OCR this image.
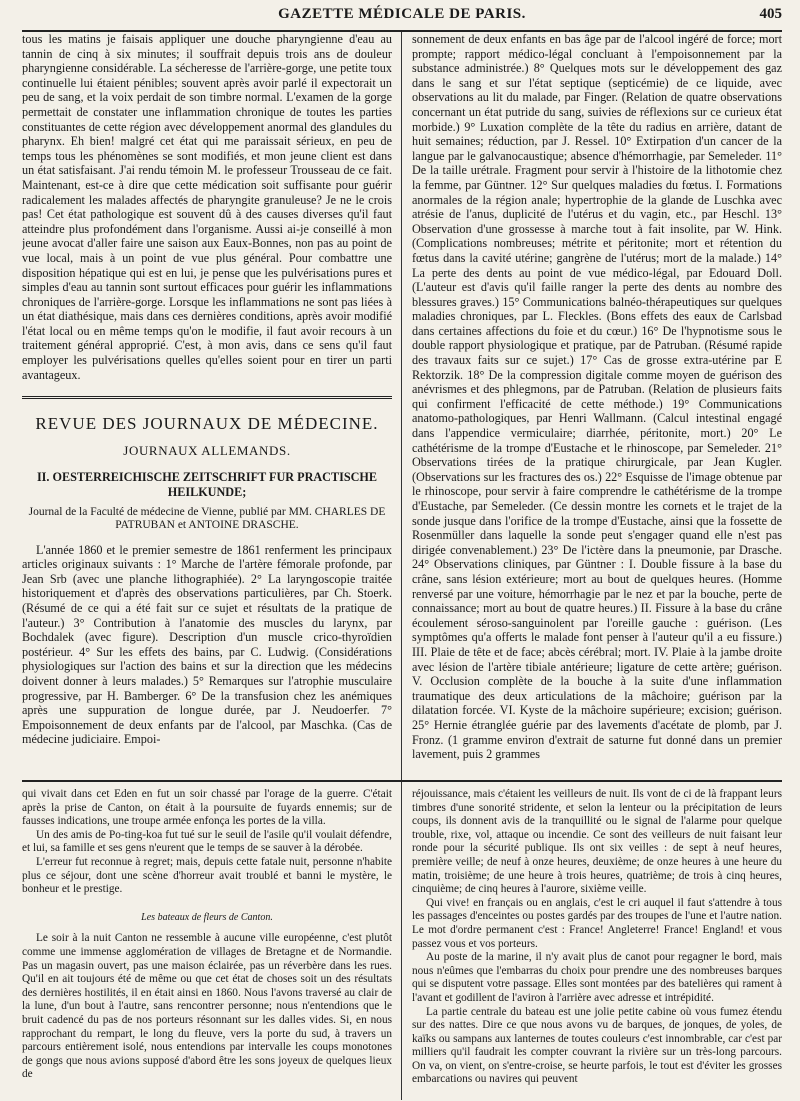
GAZETTE MÉDICALE DE PARIS.	405

tous les matins je faisais appliquer une douche pharyngienne d'eau au tannin de cinq à six minutes; il souffrait depuis trois ans de douleur pharyngienne considérable. La sécheresse de l'arrière-gorge, une petite toux continuelle lui étaient pénibles; souvent après avoir parlé il expectorait un peu de sang, et la voix perdait de son timbre normal. L'examen de la gorge permettait de constater une inflammation chronique de toutes les parties constituantes de cette région avec développement anormal des glandules du pharynx. Eh bien! malgré cet état qui me paraissait sérieux, en peu de temps tous les phénomènes se sont modifiés, et mon jeune client est dans un état satisfaisant. J'ai rendu témoin M. le professeur Trousseau de ce fait. Maintenant, est-ce à dire que cette médication soit suffisante pour guérir radicalement les malades affectés de pharyngite granuleuse? Je ne le crois pas! Cet état pathologique est souvent dû à des causes diverses qu'il faut atteindre plus profondément dans l'organisme. Aussi ai-je conseillé à mon jeune avocat d'aller faire une saison aux Eaux-Bonnes, non pas au point de vue local, mais à un point de vue plus général. Pour combattre une disposition hépatique qui est en lui, je pense que les pulvérisations pures et simples d'eau au tannin sont surtout efficaces pour guérir les inflammations chroniques de l'arrière-gorge. Lorsque les inflammations ne sont pas liées à un état diathésique, mais dans ces dernières conditions, après avoir modifié l'état local ou en même temps qu'on le modifie, il faut avoir recours à un traitement général approprié. C'est, à mon avis, dans ce sens qu'il faut employer les pulvérisations quelles qu'elles soient pour en tirer un parti avantageux.

REVUE DES JOURNAUX DE MÉDECINE.
JOURNAUX ALLEMANDS.
II. OESTERREICHISCHE ZEITSCHRIFT FUR PRACTISCHE HEILKUNDE;
Journal de la Faculté de médecine de Vienne, publié par MM. CHARLES DE PATRUBAN et ANTOINE DRASCHE.

L'année 1860 et le premier semestre de 1861 renferment les principaux articles originaux suivants : 1° Marche de l'artère fémorale profonde, par Jean Srb (avec une planche lithographiée). 2° La laryngoscopie traitée historiquement et d'après des observations particulières, par Ch. Stoerk. (Résumé de ce qui a été fait sur ce sujet et résultats de la pratique de l'auteur.) 3° Contribution à l'anatomie des muscles du larynx, par Bochdalek (avec figure). Description d'un muscle crico-thyroïdien postérieur. 4° Sur les effets des bains, par C. Ludwig. (Considérations physiologiques sur l'action des bains et sur la direction que les médecins doivent donner à leurs malades.) 5° Remarques sur l'atrophie musculaire progressive, par H. Bamberger. 6° De la transfusion chez les anémiques après une suppuration de longue durée, par J. Neudoerfer. 7° Empoisonnement de deux enfants par de l'alcool, par Maschka. (Cas de médecine judiciaire. Empoi-

sonnement de deux enfants en bas âge par de l'alcool ingéré de force; mort prompte; rapport médico-légal concluant à l'empoisonnement par la substance administrée.) 8° Quelques mots sur le développement des gaz dans le sang et sur l'état septique (septicémie) de ce liquide, avec observations au lit du malade, par Finger. (Relation de quatre observations concernant un état putride du sang, suivies de réflexions sur ce curieux état morbide.) 9° Luxation complète de la tête du radius en arrière, datant de huit semaines; réduction, par J. Ressel. 10° Extirpation d'un cancer de la langue par le galvanocaustique; absence d'hémorrhagie, par Semeleder. 11° De la taille urétrale. Fragment pour servir à l'histoire de la lithotomie chez la femme, par Güntner. 12° Sur quelques maladies du fœtus. I. Formations anormales de la région anale; hypertrophie de la glande de Luschka avec atrésie de l'anus, duplicité de l'utérus et du vagin, etc., par Heschl. 13° Observation d'une grossesse à marche tout à fait insolite, par W. Hink. (Complications nombreuses; métrite et péritonite; mort et rétention du fœtus dans la cavité utérine; gangrène de l'utérus; mort de la malade.) 14° La perte des dents au point de vue médico-légal, par Edouard Doll. (L'auteur est d'avis qu'il faille ranger la perte des dents au nombre des blessures graves.) 15° Communications balnéo-thérapeutiques sur quelques maladies chroniques, par L. Fleckles. (Bons effets des eaux de Carlsbad dans certaines affections du foie et du cœur.) 16° De l'hypnotisme sous le double rapport physiologique et pratique, par de Patruban. (Résumé rapide des travaux faits sur ce sujet.) 17° Cas de grosse extra-utérine par E Rektorzik. 18° De la compression digitale comme moyen de guérison des anévrismes et des phlegmons, par de Patruban. (Relation de plusieurs faits qui confirment l'efficacité de cette méthode.) 19° Communications anatomo-pathologiques, par Henri Wallmann. (Calcul intestinal engagé dans l'appendice vermiculaire; diarrhée, péritonite, mort.) 20° Le cathétérisme de la trompe d'Eustache et le rhinoscope, par Semeleder. 21° Observations tirées de la pratique chirurgicale, par Jean Kugler. (Observations sur les fractures des os.) 22° Esquisse de l'image obtenue par le rhinoscope, pour servir à faire comprendre le cathétérisme de la trompe d'Eustache, par Semeleder. (Ce dessin montre les cornets et le trajet de la sonde jusque dans l'orifice de la trompe d'Eustache, ainsi que la fossette de Rosenmüller dans laquelle la sonde peut s'engager quand elle n'est pas dirigée convenablement.) 23° De l'ictère dans la pneumonie, par Drasche. 24° Observations cliniques, par Güntner : I. Double fissure à la base du crâne, sans lésion extérieure; mort au bout de quelques heures. (Homme renversé par une voiture, hémorrhagie par le nez et par la bouche, perte de connaissance; mort au bout de quatre heures.) II. Fissure à la base du crâne écoulement séroso-sanguinolent par l'oreille gauche : guérison. (Les symptômes qu'a offerts le malade font penser à l'auteur qu'il a eu fissure.) III. Plaie de tête et de face; abcès cérébral; mort. IV. Plaie à la jambe droite avec lésion de l'artère tibiale antérieure; ligature de cette artère; guérison. V. Occlusion complète de la bouche à la suite d'une inflammation traumatique des deux articulations de la mâchoire; guérison par la dilatation forcée. VI. Kyste de la mâchoire supérieure; excision; guérison. 25° Hernie étranglée guérie par des lavements d'acétate de plomb, par J. Fronz. (1 gramme environ d'extrait de saturne fut donné dans un premier lavement, puis 2 grammes

qui vivait dans cet Eden en fut un soir chassé par l'orage de la guerre. C'était après la prise de Canton, on était à la poursuite de fuyards ennemis; sur de fausses indications, une troupe armée enfonça les portes de la villa.

Un des amis de Po-ting-koa fut tué sur le seuil de l'asile qu'il voulait défendre, et lui, sa famille et ses gens n'eurent que le temps de se sauver à la dérobée.

L'erreur fut reconnue à regret; mais, depuis cette fatale nuit, personne n'habite plus ce séjour, dont une scène d'horreur avait troublé et banni le mystère, le bonheur et le prestige.

Les bateaux de fleurs de Canton.

Le soir à la nuit Canton ne ressemble à aucune ville européenne, c'est plutôt comme une immense agglomération de villages de Bretagne et de Normandie. Pas un magasin ouvert, pas une maison éclairée, pas un réverbère dans les rues. Qu'il en ait toujours été de même ou que cet état de choses soit un des résultats des dernières hostilités, il en était ainsi en 1860. Nous l'avons traversé au clair de la lune, d'un bout à l'autre, sans rencontrer personne; nous n'entendions que le bruit cadencé du pas de nos porteurs résonnant sur les dalles vides. Si, en nous rapprochant du rempart, le long du fleuve, vers la porte du sud, à travers un parcours entièrement isolé, nous entendions par intervalle les coups monotones de gongs que nous avions supposé d'abord être les sons joyeux de quelques lieux de

réjouissance, mais c'étaient les veilleurs de nuit. Ils vont de ci de là frappant leurs timbres d'une sonorité stridente, et selon la lenteur ou la précipitation de leurs coups, ils donnent avis de la tranquillité ou le signal de l'alarme pour quelque trouble, rixe, vol, attaque ou incendie. Ce sont des veilleurs de nuit faisant leur ronde pour la sécurité publique. Ils ont six veilles : de sept à neuf heures, première veille; de neuf à onze heures, deuxième; de onze heures à une heure du matin, troisième; de une heure à trois heures, quatrième; de trois à cinq heures, cinquième; de cinq heures à l'aurore, sixième veille.

Qui vive! en français ou en anglais, c'est le cri auquel il faut s'attendre à tous les passages d'enceintes ou postes gardés par des troupes de l'une et l'autre nation. Le mot d'ordre permanent c'est : France! Angleterre! France! England! et vous passez vous et vos porteurs.

Au poste de la marine, il n'y avait plus de canot pour regagner le bord, mais nous n'eûmes que l'embarras du choix pour prendre une des nombreuses barques qui se disputent votre passage. Elles sont montées par des batelières qui rament à l'avant et godillent de l'aviron à l'arrière avec adresse et intrépidité.

La partie centrale du bateau est une jolie petite cabine où vous fumez étendu sur des nattes. Dire ce que nous avons vu de barques, de jonques, de yoles, de kaïks ou sampans aux lanternes de toutes couleurs c'est innombrable, car c'est par milliers qu'il faudrait les compter couvrant la rivière sur un très-long parcours. On va, on vient, on s'entre-croise, se heurte parfois, le tout est d'éviter les grosses embarcations ou navires qui peuvent
